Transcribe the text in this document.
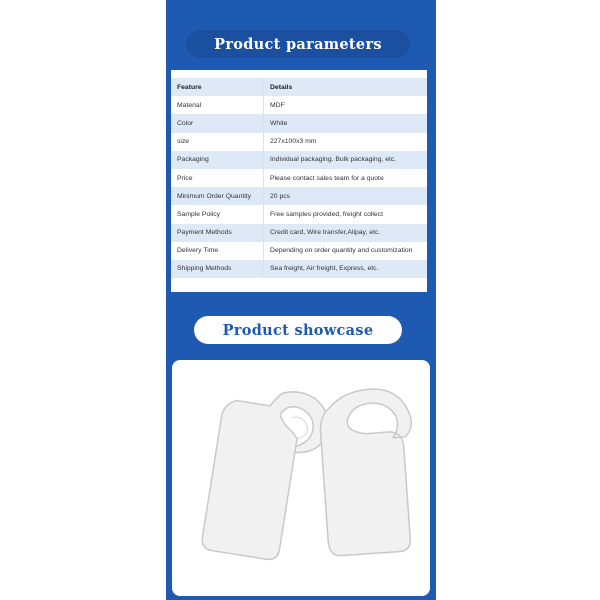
Product parameters
Feature	Details
Material	MDF
Color	White
size	227x100x3 mm
Packaging	Individual packaging. Bulk packaging, etc.
Price	Please contact sales team for a quote
Minimum Order Quantity	20 pcs
Sample Policy	Free samples provided, freight collect
Payment Methods	Credit card, Wire transfer,Alipay, etc.
Delivery Time	Depending on order quantity and customization
Shipping Methods	Sea freight, Air freight, Express, etc.
Product showcase
